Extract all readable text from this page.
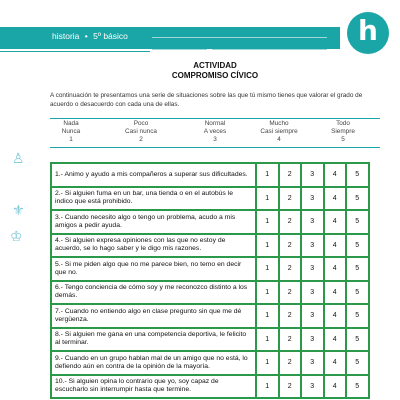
historia • 5º básico	nombre
curso	fecha	h
♙
⚜
♔
ACTIVIDAD
COMPROMISO CÍVICO
A continuación te presentamos una serie de situaciones sobre las que tú mismo tienes que valorar el grado de acuerdo o desacuerdo con cada una de ellas.
Nada
Nunca
1
Poco
Casi nunca
2
Normal
A veces
3
Mucho
Casi siempre
4
Todo
Siempre
5
1.- Animo y ayudo a mis compañeros a superar sus dificultades.	1	2	3	4	5
2.- Si alguien fuma en un bar, una tienda o en el autobús le indico que está prohibido.	1	2	3	4	5
3.- Cuando necesito algo o tengo un problema, acudo a mis amigos a pedir ayuda.	1	2	3	4	5
4.- Si alguien expresa opiniones con las que no estoy de acuerdo, se lo hago saber y le digo mis razones.	1	2	3	4	5
5.- Si me piden algo que no me parece bien, no temo en decir que no.	1	2	3	4	5
6.- Tengo conciencia de cómo soy y me reconozco distinto a los demás.	1	2	3	4	5
7.- Cuando no entiendo algo en clase pregunto sin que me dé vergüenza.	1	2	3	4	5
8.- Si alguien me gana en una competencia deportiva, le felicito al terminar.	1	2	3	4	5
9.- Cuando en un grupo hablan mal de un amigo que no está, lo defiendo aún en contra de la opinión de la mayoría.	1	2	3	4	5
10.- Si alguien opina lo contrario que yo, soy capaz de escucharlo sin interrumpir hasta que termine.	1	2	3	4	5
